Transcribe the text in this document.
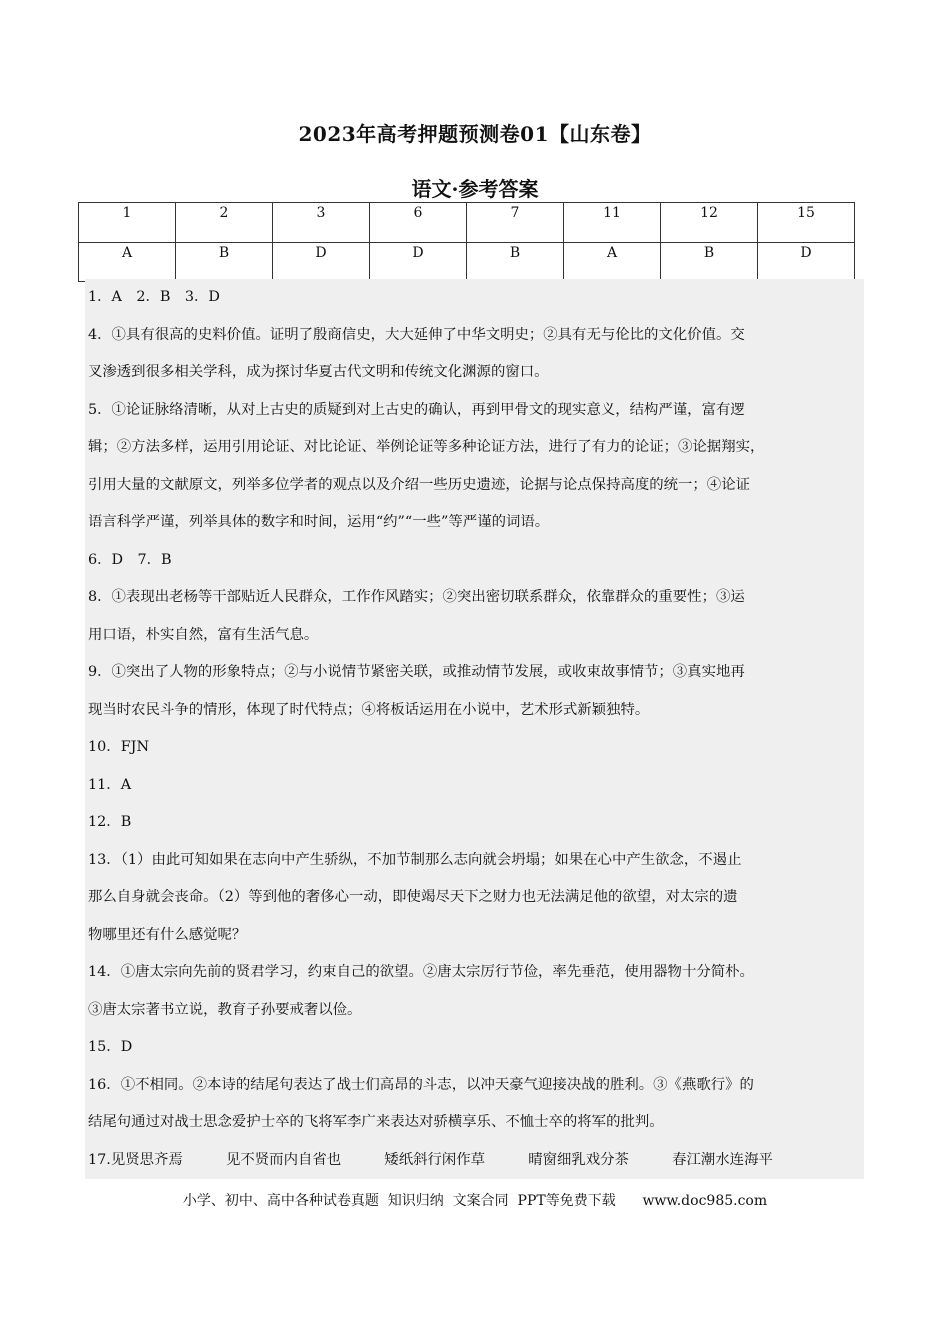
2023年高考押题预测卷01【山东卷】
语文·参考答案
1	2	3	6	7	11	12	15
A	B	D	D	B	A	B	D

1．A　2．B　3．D

4．①具有很高的史料价值。证明了殷商信史，大大延伸了中华文明史；②具有无与伦比的文化价值。交

叉渗透到很多相关学科，成为探讨华夏古代文明和传统文化渊源的窗口。

5．①论证脉络清晰，从对上古史的质疑到对上古史的确认，再到甲骨文的现实意义，结构严谨，富有逻

辑；②方法多样，运用引用论证、对比论证、举例论证等多种论证方法，进行了有力的论证；③论据翔实，

引用大量的文献原文，列举多位学者的观点以及介绍一些历史遗迹，论据与论点保持高度的统一；④论证

语言科学严谨，列举具体的数字和时间，运用“约”“一些”等严谨的词语。

6．D　7．B

8．①表现出老杨等干部贴近人民群众，工作作风踏实；②突出密切联系群众，依靠群众的重要性；③运

用口语，朴实自然，富有生活气息。

9．①突出了人物的形象特点；②与小说情节紧密关联，或推动情节发展，或收束故事情节；③真实地再

现当时农民斗争的情形，体现了时代特点；④将板话运用在小说中，艺术形式新颖独特。

10．FJN

11．A

12．B

13．（1）由此可知如果在志向中产生骄纵，不加节制那么志向就会坍塌；如果在心中产生欲念，不遏止

那么自身就会丧命。（2）等到他的奢侈心一动，即使竭尽天下之财力也无法满足他的欲望，对太宗的遗

物哪里还有什么感觉呢？

14．①唐太宗向先前的贤君学习，约束自己的欲望。②唐太宗厉行节俭，率先垂范，使用器物十分简朴。

③唐太宗著书立说，教育子孙要戒奢以俭。

15．D

16．①不相同。②本诗的结尾句表达了战士们高昂的斗志，以冲天豪气迎接决战的胜利。③《燕歌行》的

结尾句通过对战士思念爱护士卒的飞将军李广来表达对骄横享乐、不恤士卒的将军的批判。

17.见贤思齐焉　　　见不贤而内自省也　　　矮纸斜行闲作草　　　晴窗细乳戏分茶　　　春江潮水连海平

小学、初中、高中各种试卷真题  知识归纳  文案合同  PPT等免费下载      www.doc985.com
